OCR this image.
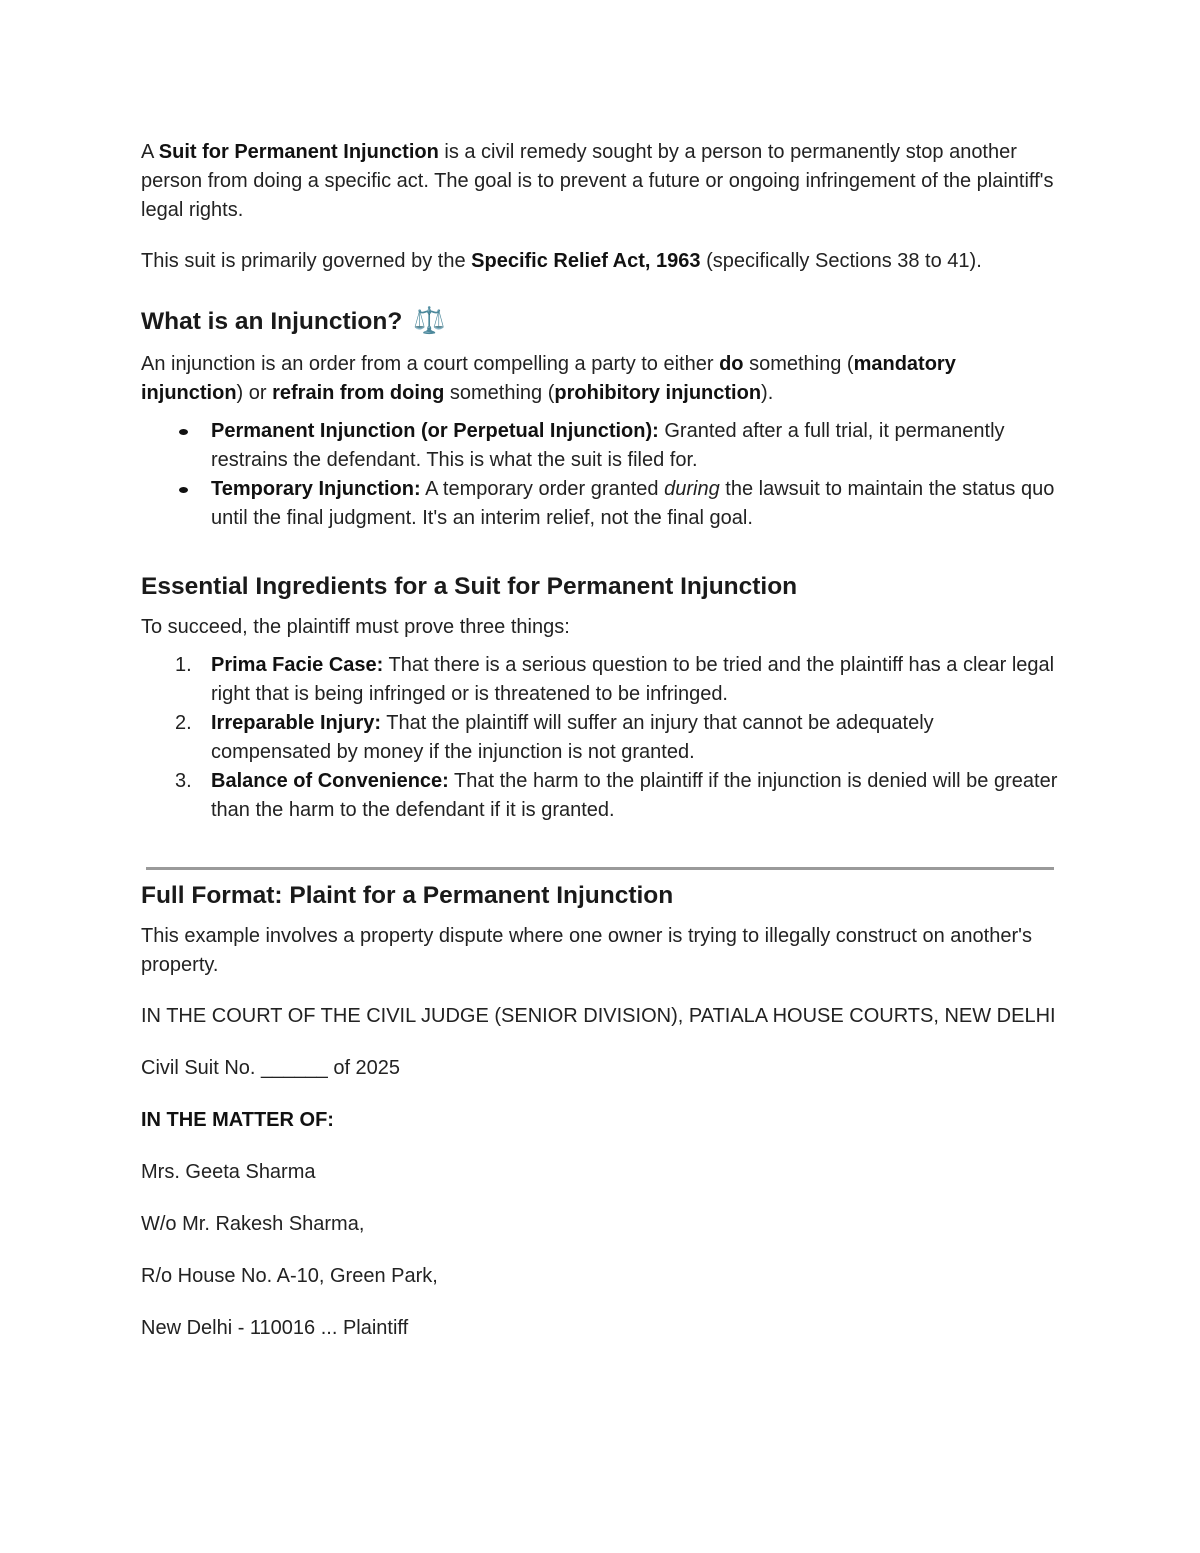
A Suit for Permanent Injunction is a civil remedy sought by a person to permanently stop another person from doing a specific act. The goal is to prevent a future or ongoing infringement of the plaintiff's legal rights.

This suit is primarily governed by the Specific Relief Act, 1963 (specifically Sections 38 to 41).

What is an Injunction? ⚖️

An injunction is an order from a court compelling a party to either do something (mandatory injunction) or refrain from doing something (prohibitory injunction).

Permanent Injunction (or Perpetual Injunction): Granted after a full trial, it permanently restrains the defendant. This is what the suit is filed for.
Temporary Injunction: A temporary order granted during the lawsuit to maintain the status quo until the final judgment. It's an interim relief, not the final goal.
Essential Ingredients for a Suit for Permanent Injunction

To succeed, the plaintiff must prove three things:

1. Prima Facie Case: That there is a serious question to be tried and the plaintiff has a clear legal right that is being infringed or is threatened to be infringed.
2. Irreparable Injury: That the plaintiff will suffer an injury that cannot be adequately compensated by money if the injunction is not granted.
3. Balance of Convenience: That the harm to the plaintiff if the injunction is denied will be greater than the harm to the defendant if it is granted.
Full Format: Plaint for a Permanent Injunction

This example involves a property dispute where one owner is trying to illegally construct on another's property.

IN THE COURT OF THE CIVIL JUDGE (SENIOR DIVISION), PATIALA HOUSE COURTS, NEW DELHI

Civil Suit No. ______ of 2025

IN THE MATTER OF:

Mrs. Geeta Sharma

W/o Mr. Rakesh Sharma,

R/o House No. A-10, Green Park,

New Delhi - 110016 ... Plaintiff
